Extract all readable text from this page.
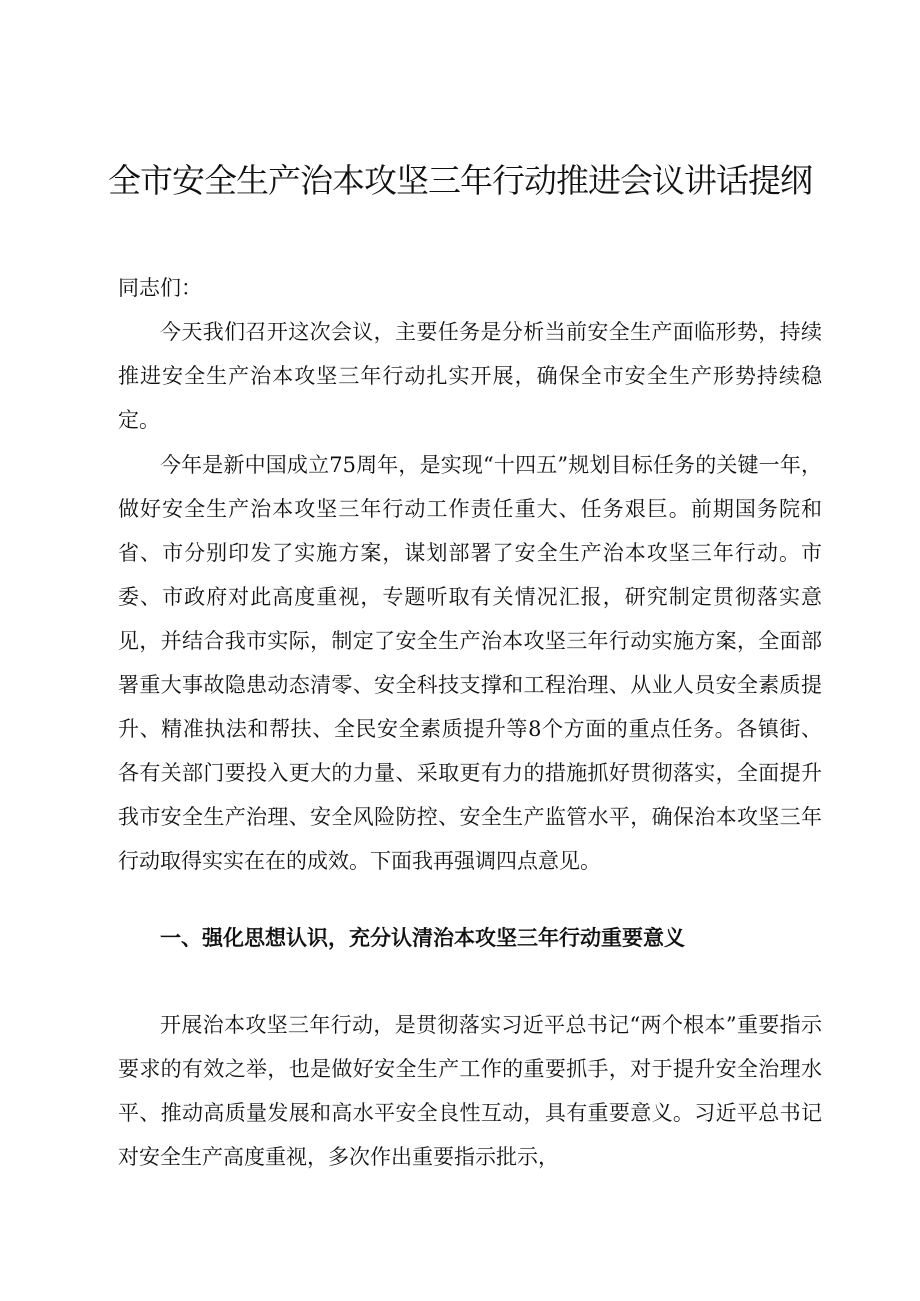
全市安全生产治本攻坚三年行动推进会议讲话提纲

同志们：

今天我们召开这次会议，主要任务是分析当前安全生产面临形势，持续推进安全生产治本攻坚三年行动扎实开展，确保全市安全生产形势持续稳定。

今年是新中国成立75周年，是实现“十四五”规划目标任务的关键一年，做好安全生产治本攻坚三年行动工作责任重大、任务艰巨。前期国务院和省、市分别印发了实施方案，谋划部署了安全生产治本攻坚三年行动。市委、市政府对此高度重视，专题听取有关情况汇报，研究制定贯彻落实意见，并结合我市实际，制定了安全生产治本攻坚三年行动实施方案，全面部署重大事故隐患动态清零、安全科技支撑和工程治理、从业人员安全素质提升、精准执法和帮扶、全民安全素质提升等8个方面的重点任务。各镇街、各有关部门要投入更大的力量、采取更有力的措施抓好贯彻落实，全面提升我市安全生产治理、安全风险防控、安全生产监管水平，确保治本攻坚三年行动取得实实在在的成效。下面我再强调四点意见。

一、强化思想认识，充分认清治本攻坚三年行动重要意义

开展治本攻坚三年行动，是贯彻落实习近平总书记“两个根本”重要指示要求的有效之举，也是做好安全生产工作的重要抓手，对于提升安全治理水平、推动高质量发展和高水平安全良性互动，具有重要意义。习近平总书记对安全生产高度重视，多次作出重要指示批示，
